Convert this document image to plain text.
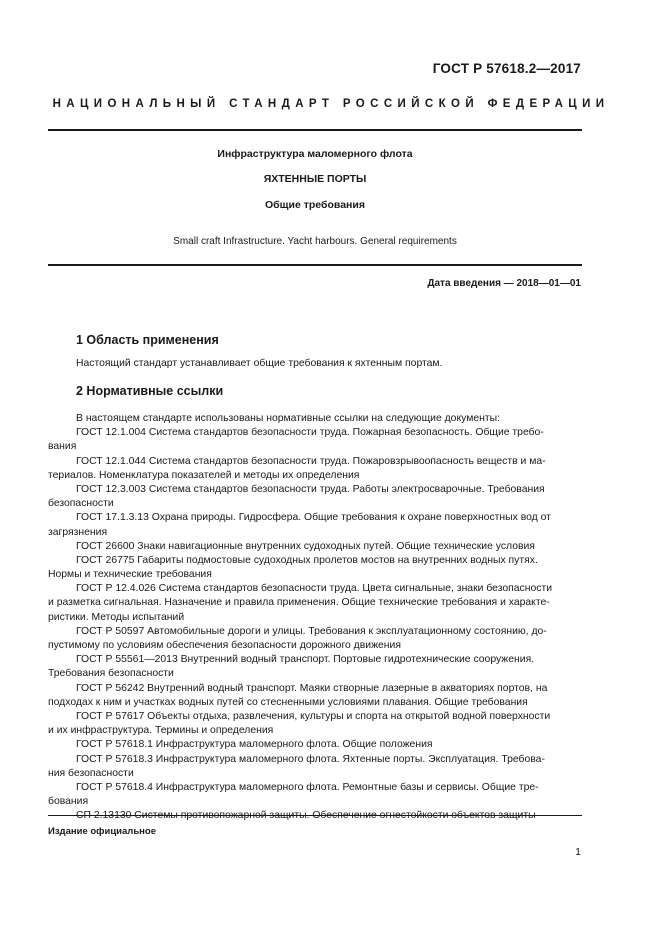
ГОСТ Р 57618.2—2017
НАЦИОНАЛЬНЫЙ СТАНДАРТ РОССИЙСКОЙ ФЕДЕРАЦИИ
Инфраструктура маломерного флота
ЯХТЕННЫЕ ПОРТЫ
Общие требования
Small craft Infrastructure. Yacht harbours. General requirements
Дата введения — 2018—01—01
1 Область применения
Настоящий стандарт устанавливает общие требования к яхтенным портам.
2 Нормативные ссылки
В настоящем стандарте использованы нормативные ссылки на следующие документы:
ГОСТ 12.1.004 Система стандартов безопасности труда. Пожарная безопасность. Общие требо-
вания
ГОСТ 12.1.044 Система стандартов безопасности труда. Пожаровзрывоопасность веществ и ма-
териалов. Номенклатура показателей и методы их определения
ГОСТ 12.3.003 Система стандартов безопасности труда. Работы электросварочные. Требования
безопасности
ГОСТ 17.1.3.13 Охрана природы. Гидросфера. Общие требования к охране поверхностных вод от
загрязнения
ГОСТ 26600 Знаки навигационные внутренних судоходных путей. Общие технические условия
ГОСТ 26775 Габариты подмостовые судоходных пролетов мостов на внутренних водных путях.
Нормы и технические требования
ГОСТ Р 12.4.026 Система стандартов безопасности труда. Цвета сигнальные, знаки безопасности
и разметка сигнальная. Назначение и правила применения. Общие технические требования и характе-
ристики. Методы испытаний
ГОСТ Р 50597 Автомобильные дороги и улицы. Требования к эксплуатационному состоянию, до-
пустимому по условиям обеспечения безопасности дорожного движения
ГОСТ Р 55561—2013 Внутренний водный транспорт. Портовые гидротехнические сооружения.
Требования безопасности
ГОСТ Р 56242 Внутренний водный транспорт. Маяки створные лазерные в акваториях портов, на
подходах к ним и участках водных путей со стесненными условиями плавания. Общие требования
ГОСТ Р 57617 Объекты отдыха, развлечения, культуры и спорта на открытой водной поверхности
и их инфраструктура. Термины и определения
ГОСТ Р 57618.1 Инфраструктура маломерного флота. Общие положения
ГОСТ Р 57618.3 Инфраструктура маломерного флота. Яхтенные порты. Эксплуатация. Требова-
ния безопасности
ГОСТ Р 57618.4 Инфраструктура маломерного флота. Ремонтные базы и сервисы. Общие тре-
бования
СП 2.13130 Системы противопожарной защиты. Обеспечение огнестойкости объектов защиты
Издание официальное
1
